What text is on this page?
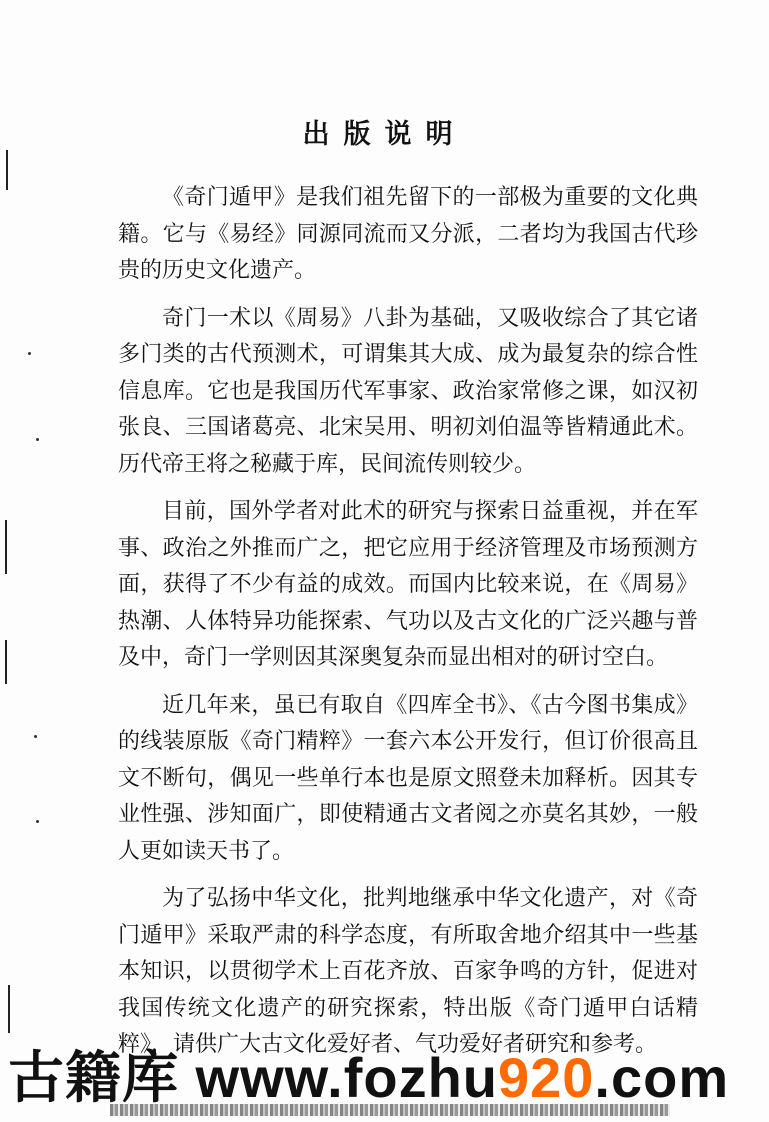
出版说明

《奇门遁甲》是我们祖先留下的一部极为重要的文化典籍。它与《易经》同源同流而又分派，二者均为我国古代珍贵的历史文化遗产。

奇门一术以《周易》八卦为基础，又吸收综合了其它诸多门类的古代预测术，可谓集其大成、成为最复杂的综合性信息库。它也是我国历代军事家、政治家常修之课，如汉初张良、三国诸葛亮、北宋吴用、明初刘伯温等皆精通此术。历代帝王将之秘藏于库，民间流传则较少。

目前，国外学者对此术的研究与探索日益重视，并在军事、政治之外推而广之，把它应用于经济管理及市场预测方面，获得了不少有益的成效。而国内比较来说，在《周易》热潮、人体特异功能探索、气功以及古文化的广泛兴趣与普及中，奇门一学则因其深奥复杂而显出相对的研讨空白。

近几年来，虽已有取自《四库全书》、《古今图书集成》的线装原版《奇门精粹》一套六本公开发行，但订价很高且文不断句，偶见一些单行本也是原文照登未加释析。因其专业性强、涉知面广，即使精通古文者阅之亦莫名其妙，一般人更如读天书了。

为了弘扬中华文化，批判地继承中华文化遗产，对《奇门遁甲》采取严肃的科学态度，有所取舍地介绍其中一些基本知识，以贯彻学术上百花齐放、百家争鸣的方针，促进对我国传统文化遗产的研究探索，特出版《奇门遁甲白话精粹》，请供广大古文化爱好者、气功爱好者研究和参考。

古籍库 www.fozhu920.com
